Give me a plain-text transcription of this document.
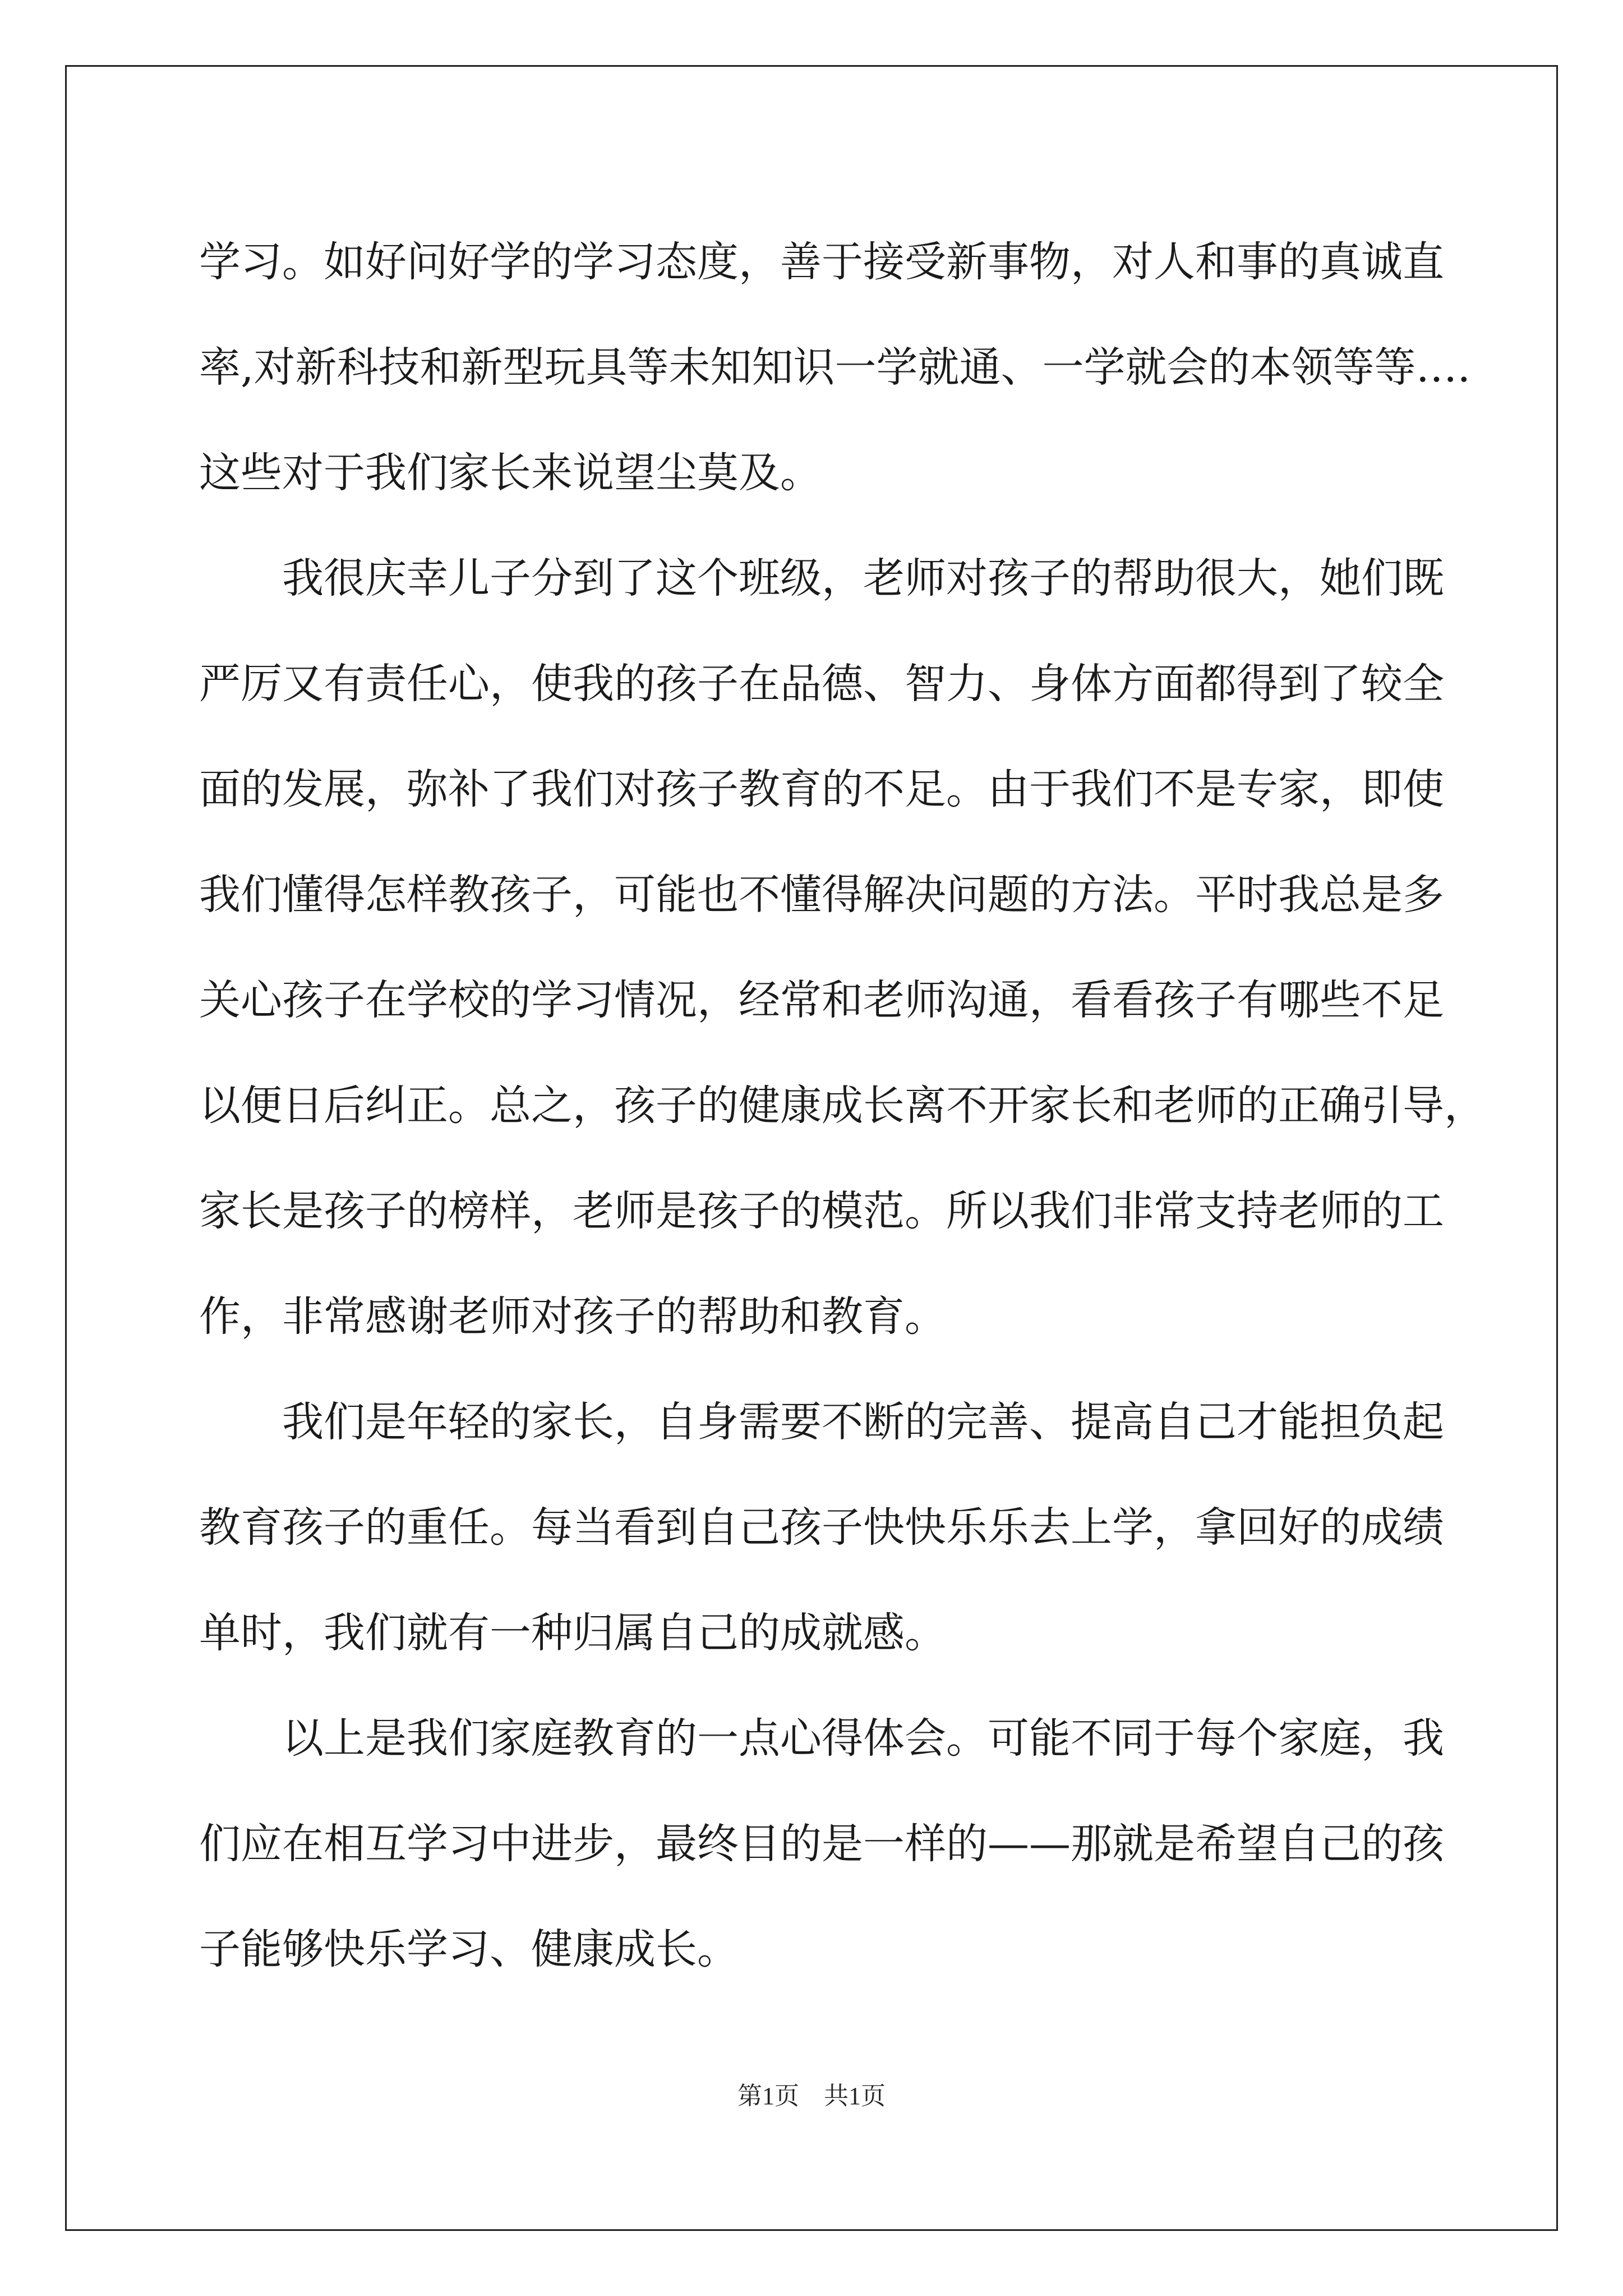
学习。如好问好学的学习态度，善于接受新事物，对人和事的真诚直
率,对新科技和新型玩具等未知知识一学就通、一学就会的本领等等….
这些对于我们家长来说望尘莫及。
我很庆幸儿子分到了这个班级，老师对孩子的帮助很大，她们既
严厉又有责任心，使我的孩子在品德、智力、身体方面都得到了较全
面的发展，弥补了我们对孩子教育的不足。由于我们不是专家，即使
我们懂得怎样教孩子，可能也不懂得解决问题的方法。平时我总是多
关心孩子在学校的学习情况，经常和老师沟通，看看孩子有哪些不足
以便日后纠正。总之，孩子的健康成长离不开家长和老师的正确引导，
家长是孩子的榜样，老师是孩子的模范。所以我们非常支持老师的工
作，非常感谢老师对孩子的帮助和教育。
我们是年轻的家长，自身需要不断的完善、提高自己才能担负起
教育孩子的重任。每当看到自己孩子快快乐乐去上学，拿回好的成绩
单时，我们就有一种归属自己的成就感。
以上是我们家庭教育的一点心得体会。可能不同于每个家庭，我
们应在相互学习中进步，最终目的是一样的——那就是希望自己的孩
子能够快乐学习、健康成长。
第1页　共1页
